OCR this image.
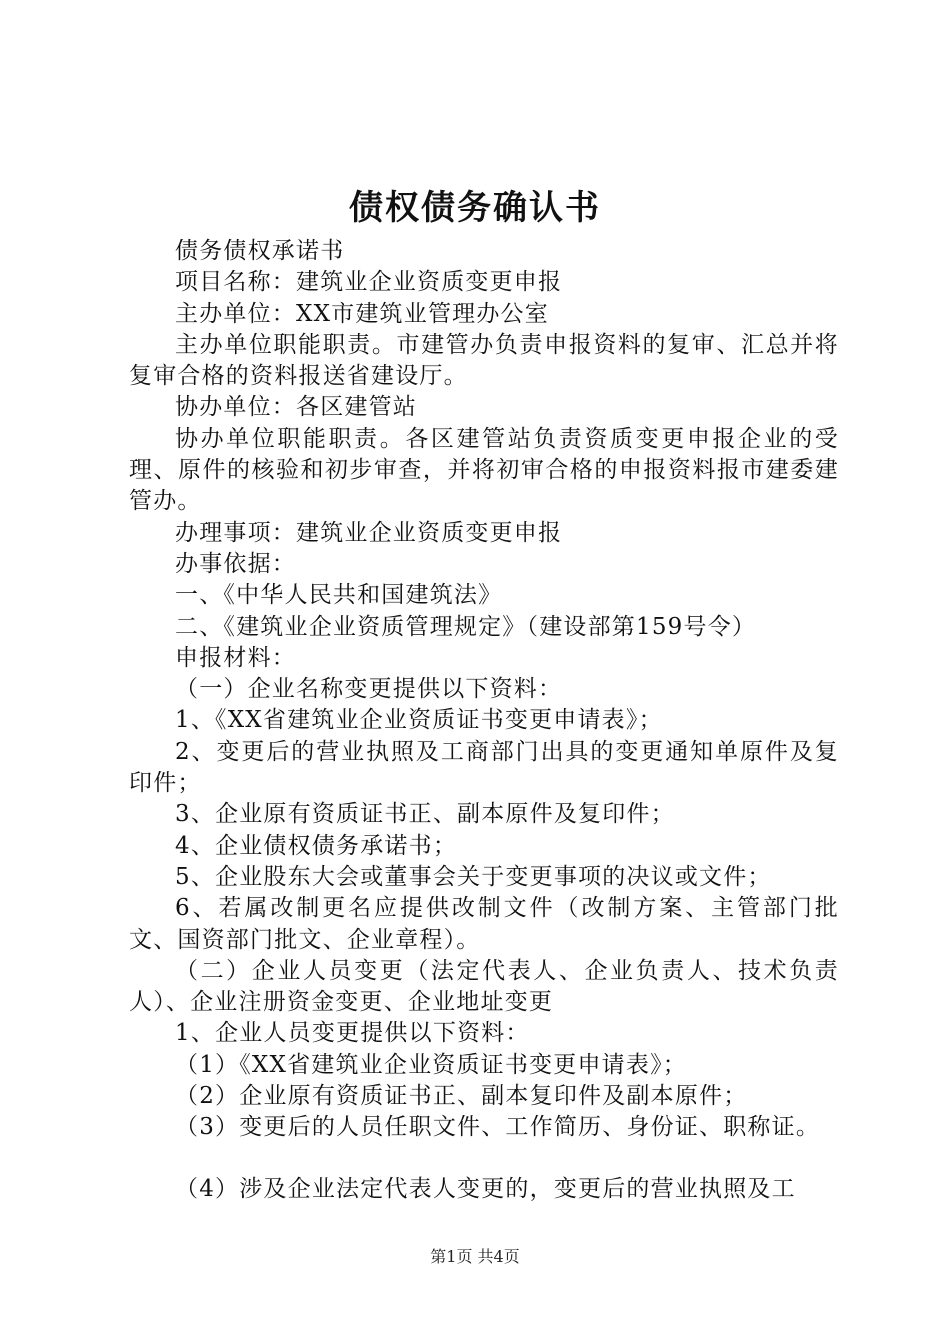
债权债务确认书

债务债权承诺书

项目名称：建筑业企业资质变更申报

主办单位：XX市建筑业管理办公室

主办单位职能职责。市建管办负责申报资料的复审、汇总并将复审合格的资料报送省建设厅。

协办单位：各区建管站

协办单位职能职责。各区建管站负责资质变更申报企业的受理、原件的核验和初步审查，并将初审合格的申报资料报市建委建管办。

办理事项：建筑业企业资质变更申报

办事依据：

一、《中华人民共和国建筑法》

二、《建筑业企业资质管理规定》（建设部第159号令）

申报材料：

（一）企业名称变更提供以下资料：

1、《XX省建筑业企业资质证书变更申请表》；

2、变更后的营业执照及工商部门出具的变更通知单原件及复印件；

3、企业原有资质证书正、副本原件及复印件；

4、企业债权债务承诺书；

5、企业股东大会或董事会关于变更事项的决议或文件；

6、若属改制更名应提供改制文件（改制方案、主管部门批文、国资部门批文、企业章程）。

（二）企业人员变更（法定代表人、企业负责人、技术负责人）、企业注册资金变更、企业地址变更

1、企业人员变更提供以下资料：

（1）《XX省建筑业企业资质证书变更申请表》；

（2）企业原有资质证书正、副本复印件及副本原件；

（3）变更后的人员任职文件、工作简历、身份证、职称证。

（4）涉及企业法定代表人变更的，变更后的营业执照及工

第1页 共4页
